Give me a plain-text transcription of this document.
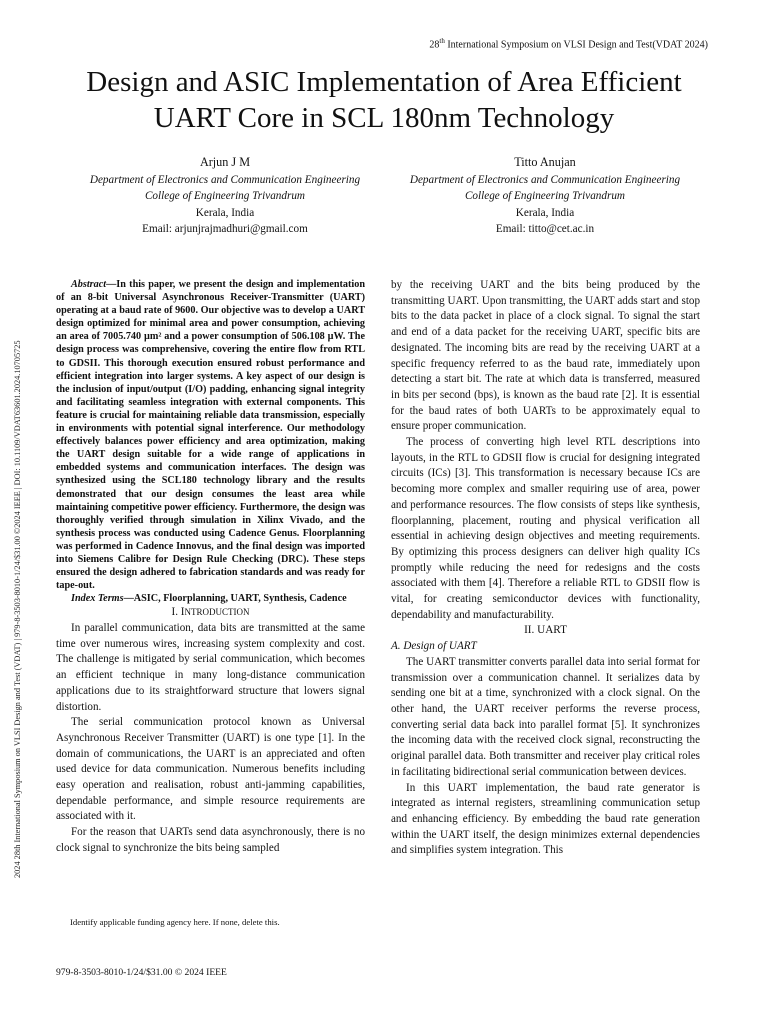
28th International Symposium on VLSI Design and Test(VDAT 2024)
2024 28th International Symposium on VLSI Design and Test (VDAT) | 979-8-3503-8010-1/24/$31.00 ©2024 IEEE | DOI: 10.1109/VDAT63601.2024.10705725
Design and ASIC Implementation of Area Efficient
UART Core in SCL 180nm Technology
Arjun J M
Department of Electronics and Communication Engineering
College of Engineering Trivandrum
Kerala, India
Email: arjunjrajmadhuri@gmail.com
Titto Anujan
Department of Electronics and Communication Engineering
College of Engineering Trivandrum
Kerala, India
Email: titto@cet.ac.in

Abstract—In this paper, we present the design and implementation of an 8-bit Universal Asynchronous Receiver-Transmitter (UART) operating at a baud rate of 9600. Our objective was to develop a UART design optimized for minimal area and power consumption, achieving an area of 7005.740 µm² and a power consumption of 506.108 µW. The design process was comprehensive, covering the entire flow from RTL to GDSII. This thorough execution ensured robust performance and efficient integration into larger systems. A key aspect of our design is the inclusion of input/output (I/O) padding, enhancing signal integrity and facilitating seamless integration with external components. This feature is crucial for maintaining reliable data transmission, especially in environments with potential signal interference. Our methodology effectively balances power efficiency and area optimization, making the UART design suitable for a wide range of applications in embedded systems and communication interfaces. The design was synthesized using the SCL180 technology library and the results demonstrated that our design consumes the least area while maintaining competitive power efficiency. Furthermore, the design was thoroughly verified through simulation in Xilinx Vivado, and the synthesis process was conducted using Cadence Genus. Floorplanning was performed in Cadence Innovus, and the final design was imported into Siemens Calibre for Design Rule Checking (DRC). These steps ensured the design adhered to fabrication standards and was ready for tape-out.

Index Terms—ASIC, Floorplanning, UART, Synthesis, Cadence

I. INTRODUCTION

In parallel communication, data bits are transmitted at the same time over numerous wires, increasing system complexity and cost. The challenge is mitigated by serial communication, which becomes an efficient technique in many long-distance communication applications due to its straightforward structure that lowers signal distortion.

The serial communication protocol known as Universal Asynchronous Receiver Transmitter (UART) is one type [1]. In the domain of communications, the UART is an appreciated and often used device for data communication. Numerous benefits including easy operation and realisation, robust anti-jamming capabilities, dependable performance, and simple resource requirements are associated with it.

For the reason that UARTs send data asynchronously, there is no clock signal to synchronize the bits being sampled

by the receiving UART and the bits being produced by the transmitting UART. Upon transmitting, the UART adds start and stop bits to the data packet in place of a clock signal. To signal the start and end of a data packet for the receiving UART, specific bits are designated. The incoming bits are read by the receiving UART at a specific frequency referred to as the baud rate, immediately upon detecting a start bit. The rate at which data is transferred, measured in bits per second (bps), is known as the baud rate [2]. It is essential for the baud rates of both UARTs to be approximately equal to ensure proper communication.

The process of converting high level RTL descriptions into layouts, in the RTL to GDSII flow is crucial for designing integrated circuits (ICs) [3]. This transformation is necessary because ICs are becoming more complex and smaller requiring use of area, power and performance resources. The flow consists of steps like synthesis, floorplanning, placement, routing and physical verification all essential in achieving design objectives and meeting requirements. By optimizing this process designers can deliver high quality ICs promptly while reducing the need for redesigns and the costs associated with them [4]. Therefore a reliable RTL to GDSII flow is vital, for creating semiconductor devices with functionality, dependability and manufacturability.

II. UART

A. Design of UART

The UART transmitter converts parallel data into serial format for transmission over a communication channel. It serializes data by sending one bit at a time, synchronized with a clock signal. On the other hand, the UART receiver performs the reverse process, converting serial data back into parallel format [5]. It synchronizes the incoming data with the received clock signal, reconstructing the original parallel data. Both transmitter and receiver play critical roles in facilitating bidirectional serial communication between devices.

In this UART implementation, the baud rate generator is integrated as internal registers, streamlining communication setup and enhancing efficiency. By embedding the baud rate generation within the UART itself, the design minimizes external dependencies and simplifies system integration. This

Identify applicable funding agency here. If none, delete this.
979-8-3503-8010-1/24/$31.00 © 2024 IEEE
